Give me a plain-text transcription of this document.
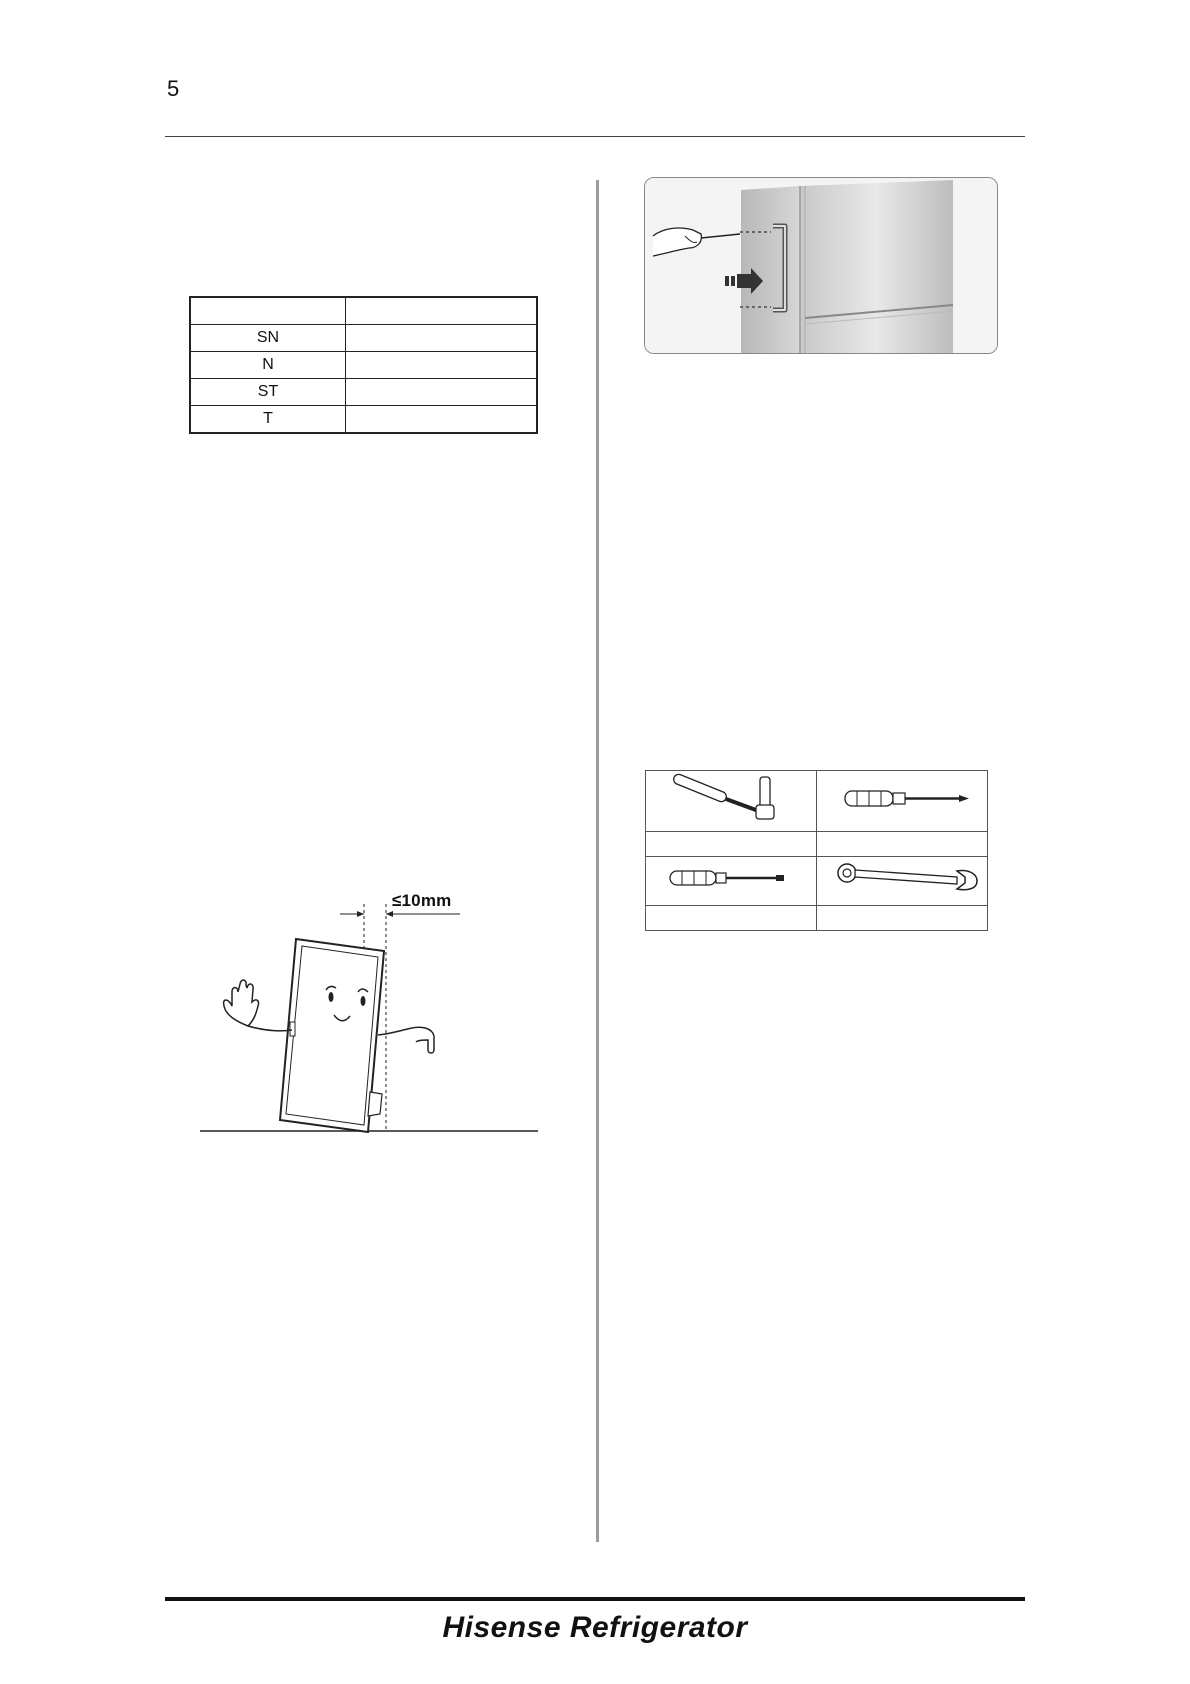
5

SN	
N	
ST	
T	
≤10mm

Hisense Refrigerator
